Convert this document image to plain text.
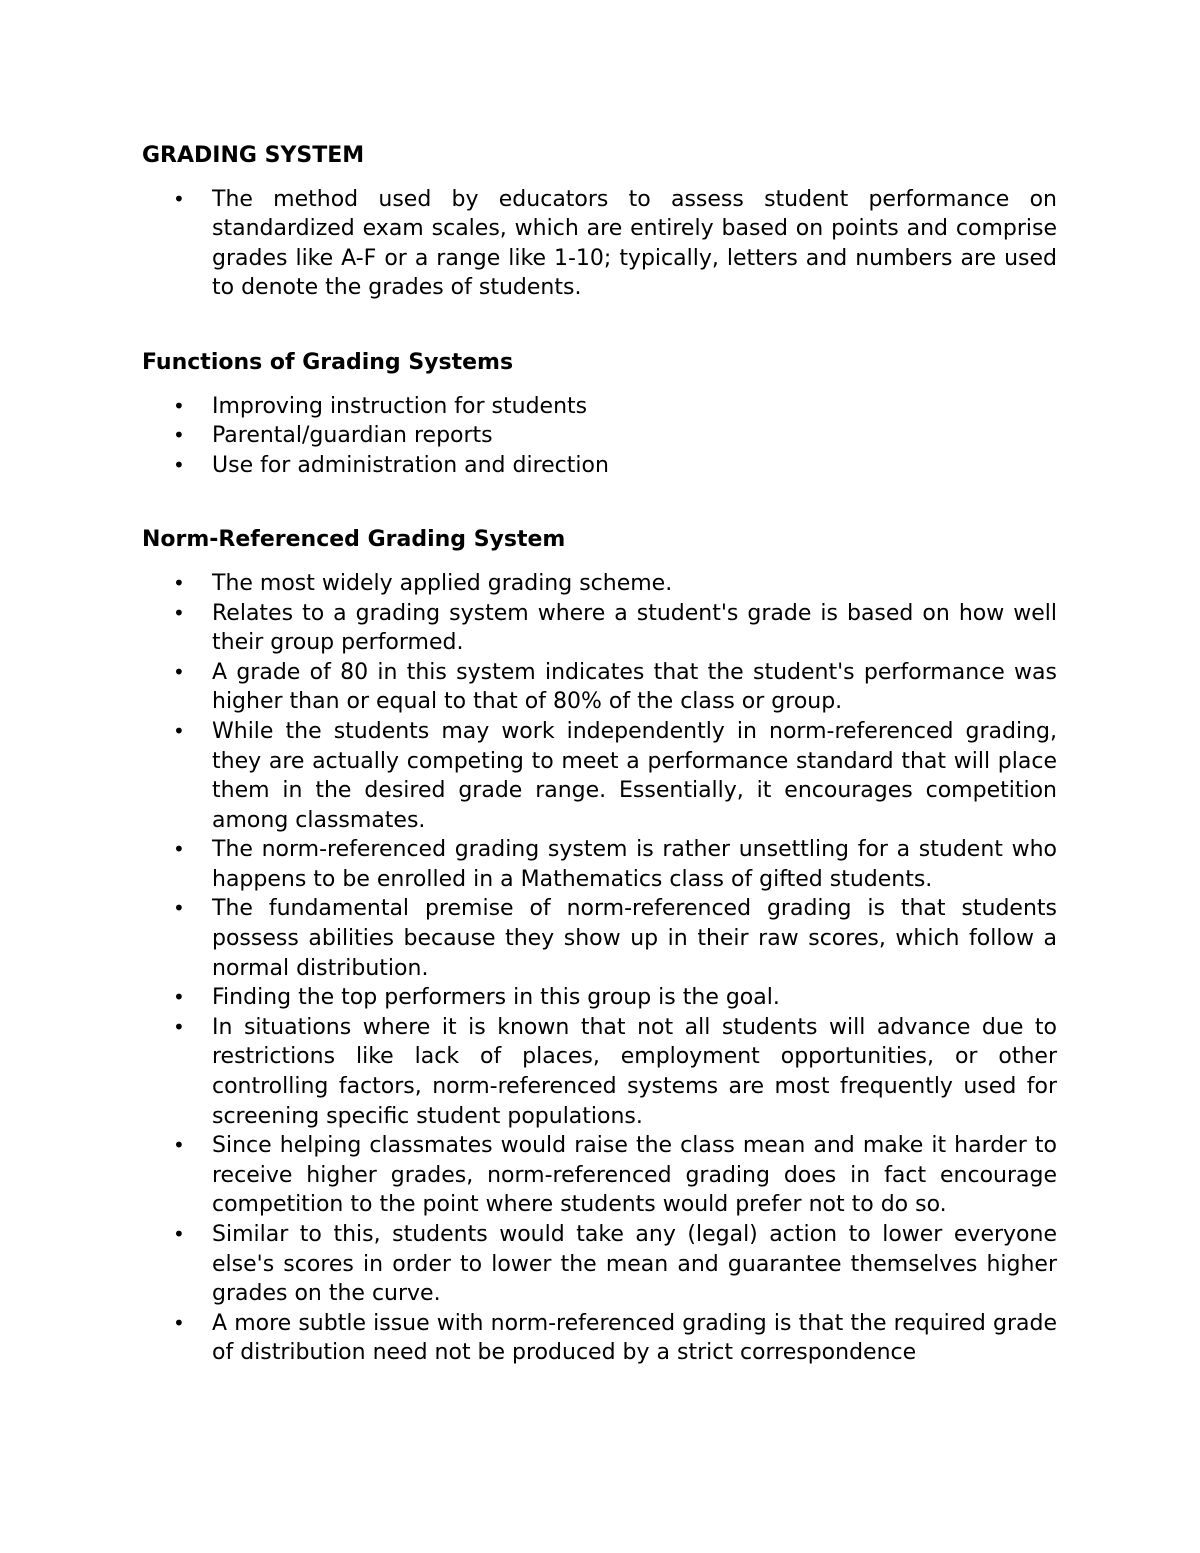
GRADING SYSTEM
• The method used by educators to assess student performance on standardized exam scales, which are entirely based on points and comprise grades like A-F or a range like 1-10; typically, letters and numbers are used to denote the grades of students.
Functions of Grading Systems
• Improving instruction for students
• Parental/guardian reports
• Use for administration and direction
Norm-Referenced Grading System
• The most widely applied grading scheme.
• Relates to a grading system where a student's grade is based on how well their group performed.
• A grade of 80 in this system indicates that the student's performance was higher than or equal to that of 80% of the class or group.
• While the students may work independently in norm-referenced grading, they are actually competing to meet a performance standard that will place them in the desired grade range. Essentially, it encourages competition among classmates.
• The norm-referenced grading system is rather unsettling for a student who happens to be enrolled in a Mathematics class of gifted students.
• The fundamental premise of norm-referenced grading is that students possess abilities because they show up in their raw scores, which follow a normal distribution.
• Finding the top performers in this group is the goal.
• In situations where it is known that not all students will advance due to restrictions like lack of places, employment opportunities, or other controlling factors, norm-referenced systems are most frequently used for screening specific student populations.
• Since helping classmates would raise the class mean and make it harder to receive higher grades, norm-referenced grading does in fact encourage competition to the point where students would prefer not to do so.
• Similar to this, students would take any (legal) action to lower everyone else's scores in order to lower the mean and guarantee themselves higher grades on the curve.
• A more subtle issue with norm-referenced grading is that the required grade of distribution need not be produced by a strict correspondence
